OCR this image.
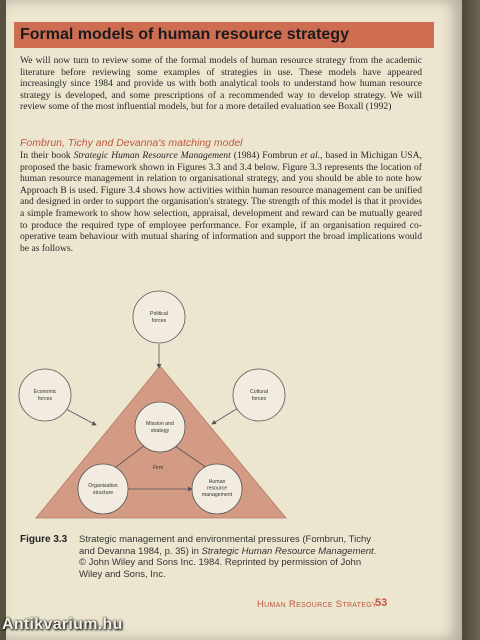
Formal models of human resource strategy

We will now turn to review some of the formal models of human resource strategy from the academic literature before reviewing some examples of strategies in use. These models have appeared increasingly since 1984 and provide us with both analytical tools to understand how human resource strategy is developed, and some prescriptions of a recommended way to develop strategy. We will review some of the most influential models, but for a more detailed evaluation see Boxall (1992)

Fombrun, Tichy and Devanna's matching model

In their book Strategic Human Resource Management (1984) Fombrun et al., based in Michigan USA, proposed the basic framework shown in Figures 3.3 and 3.4 below. Figure 3.3 represents the location of human resource management in relation to organisational strategy, and you should be able to note how Approach B is used. Figure 3.4 shows how activities within human resource management can be unified and designed in order to support the organisation's strategy. The strength of this model is that it provides a simple framework to show how selection, appraisal, development and reward can be mutually geared to produce the required type of employee performance. For example, if an organisation required co-operative team behaviour with mutual sharing of information and support the broad implications would be as follows.

Political forces
Economic forces
Cultural forces
Mission and strategy
Firm
Organisation structure
Human resource management

Figure 3.3 Strategic management and environmental pressures (Fombrun, Tichy and Devanna 1984, p. 35) in Strategic Human Resource Management. © John Wiley and Sons Inc. 1984. Reprinted by permission of John Wiley and Sons, Inc.

Human Resource Strategy

53

Antikvarium.hu
